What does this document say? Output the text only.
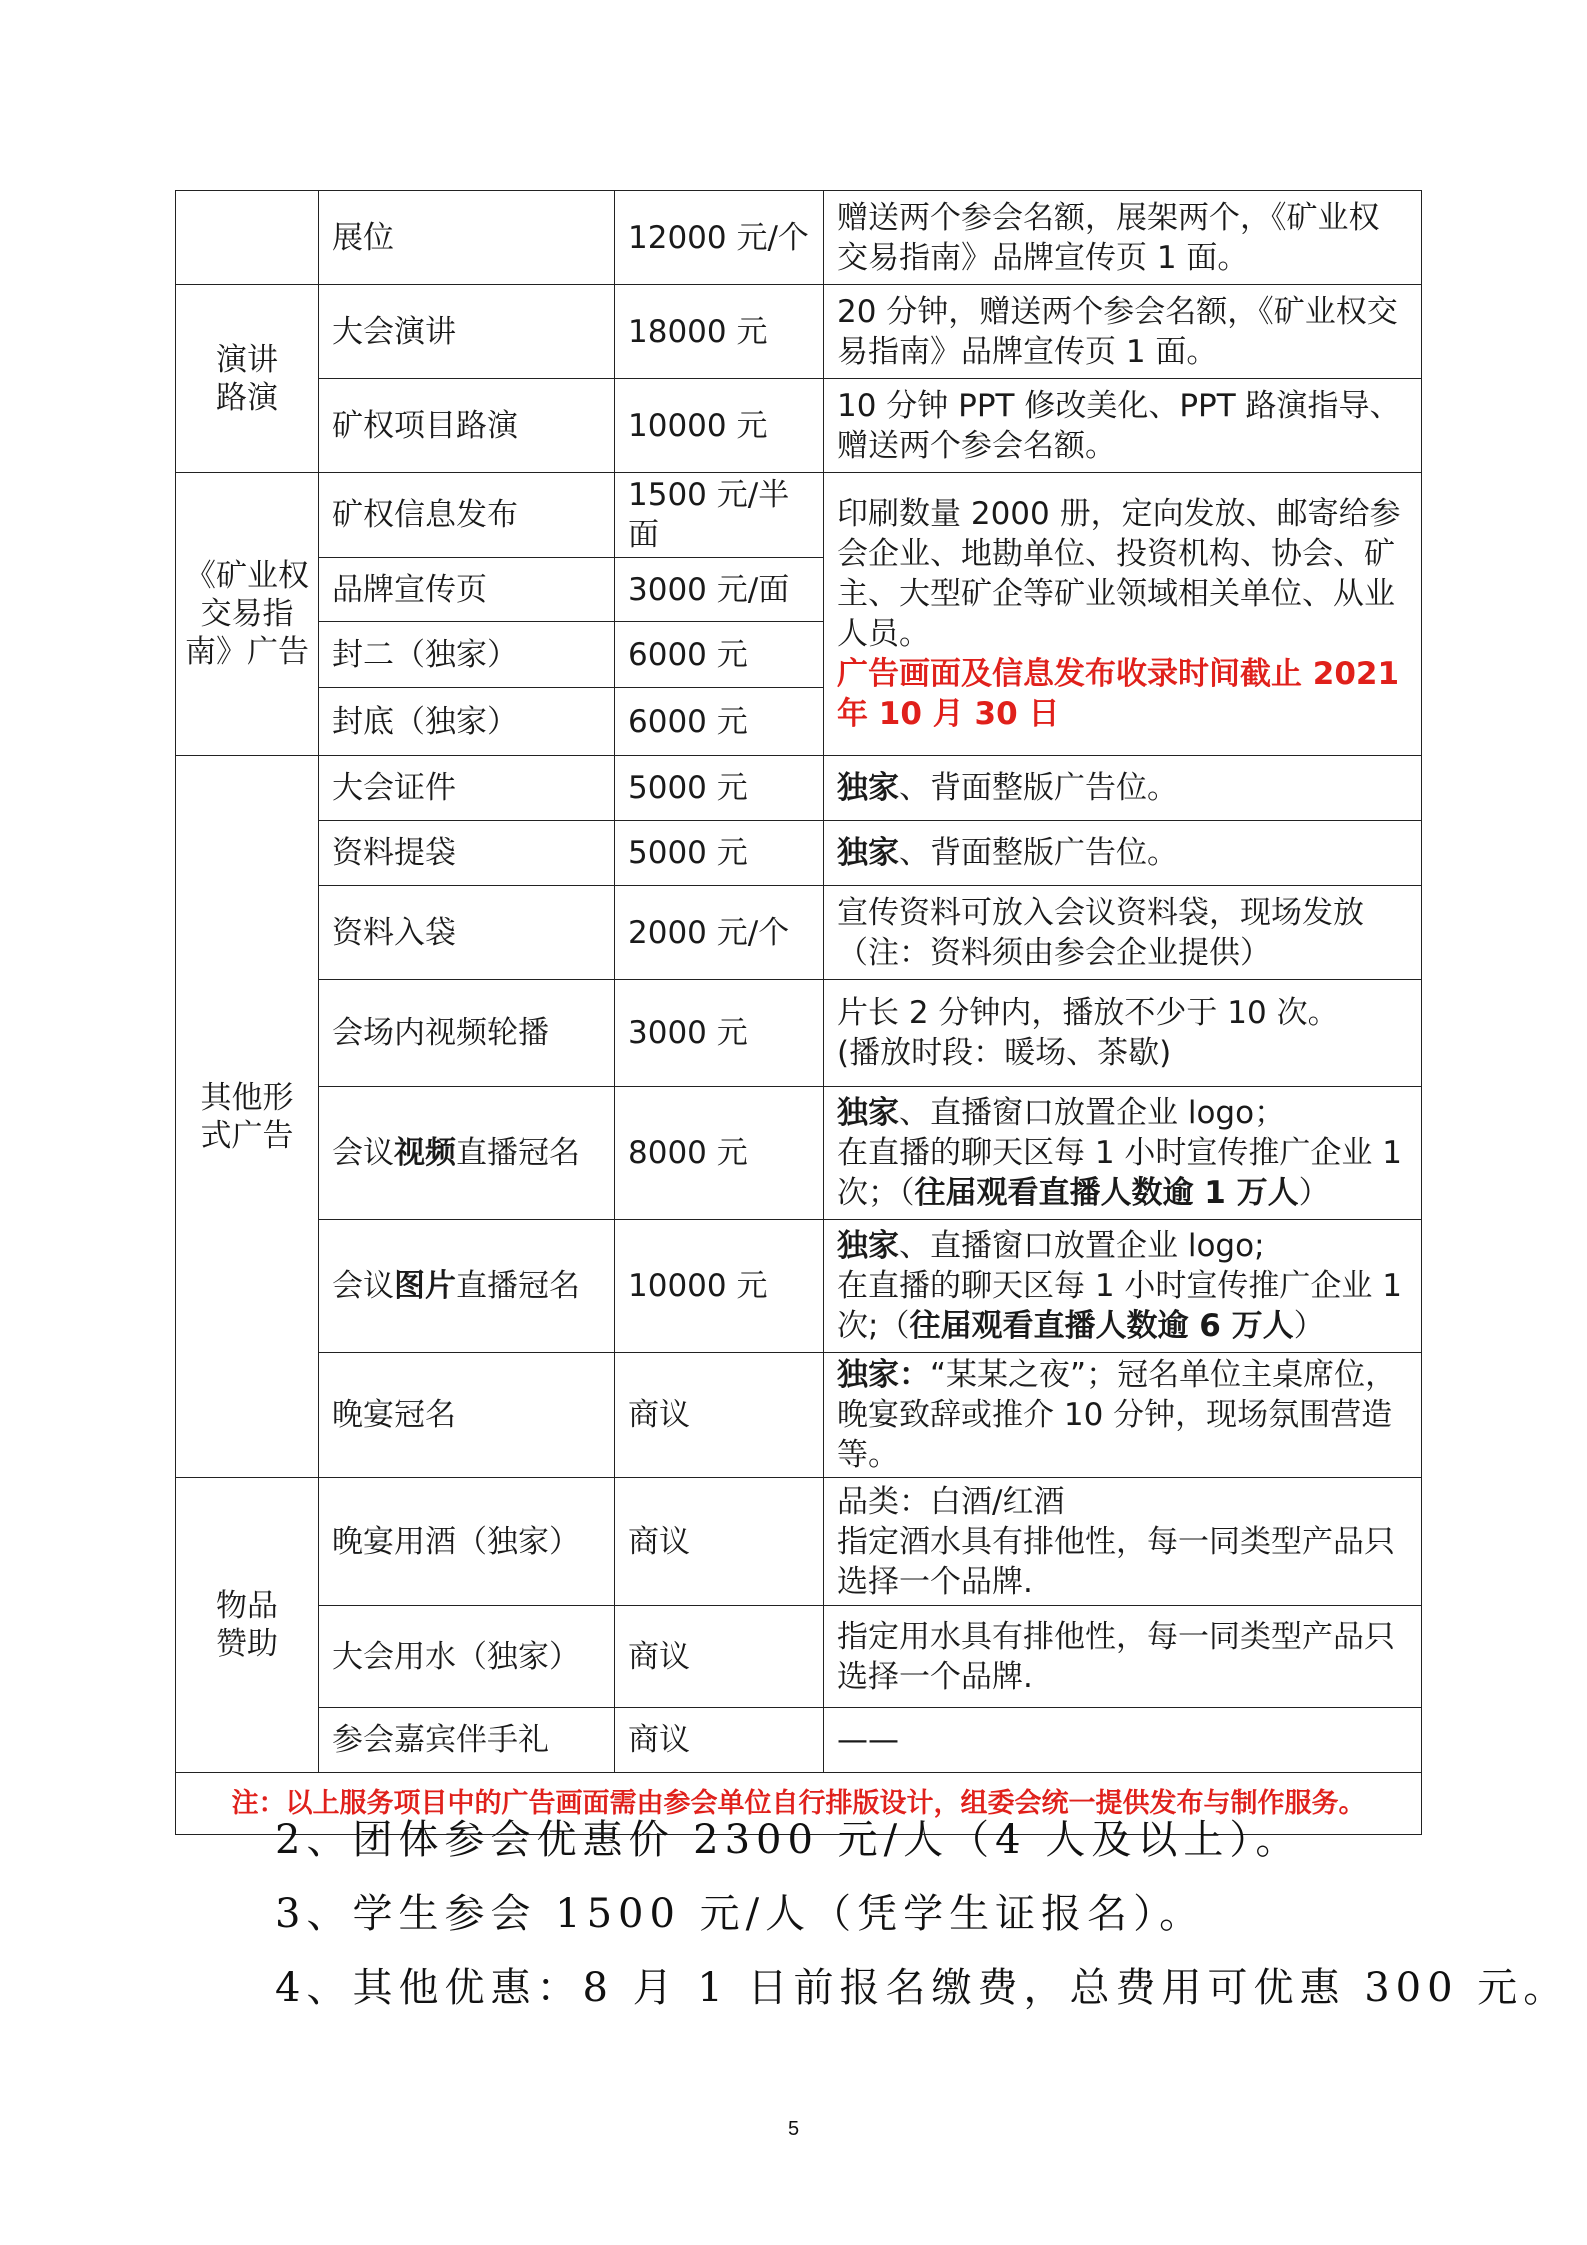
	展位	12000 元/个	赠送两个参会名额，展架两个，《矿业权交易指南》品牌宣传页 1 面。
演讲路演	大会演讲	18000 元	20 分钟，赠送两个参会名额，《矿业权交易指南》品牌宣传页 1 面。
	矿权项目路演	10000 元	10 分钟 PPT 修改美化、PPT 路演指导、赠送两个参会名额。
《矿业权交易指南》广告	矿权信息发布	1500 元/半面	印刷数量 2000 册，定向发放、邮寄给参会企业、地勘单位、投资机构、协会、矿主、大型矿企等矿业领域相关单位、从业人员。
广告画面及信息发布收录时间截止 2021 年 10 月 30 日

	品牌宣传页	3000 元/面	
	封二（独家）	6000 元	
	封底（独家）	6000 元	
其他形式广告	大会证件	5000 元	独家、背面整版广告位。
	资料提袋	5000 元	独家、背面整版广告位。
	资料入袋	2000 元/个	宣传资料可放入会议资料袋，现场发放
（注：资料须由参会企业提供）

	会场内视频轮播	3000 元	片长 2 分钟内，播放不少于 10 次。
(播放时段：暖场、茶歇)

	会议视频直播冠名	8000 元	独家、直播窗口放置企业 logo；
在直播的聊天区每 1 小时宣传推广企业 1 次；（往届观看直播人数逾 1 万人）

	会议图片直播冠名	10000 元	独家、直播窗口放置企业 logo;
在直播的聊天区每 1 小时宣传推广企业 1 次;（往届观看直播人数逾 6 万人）

	晚宴冠名	商议	独家：“某某之夜”；冠名单位主桌席位，晚宴致辞或推介 10 分钟，现场氛围营造等。
物品赞助	晚宴用酒（独家）	商议	品类：白酒/红酒
指定酒水具有排他性，每一同类型产品只选择一个品牌.

	大会用水（独家）	商议	指定用水具有排他性，每一同类型产品只选择一个品牌.
	参会嘉宾伴手礼	商议	——
注：以上服务项目中的广告画面需由参会单位自行排版设计，组委会统一提供发布与制作服务。			
2、团体参会优惠价 2300 元/人（4 人及以上）。
3、学生参会 1500 元/人（凭学生证报名）。
4、其他优惠：8 月 1 日前报名缴费，总费用可优惠 300 元。
5
